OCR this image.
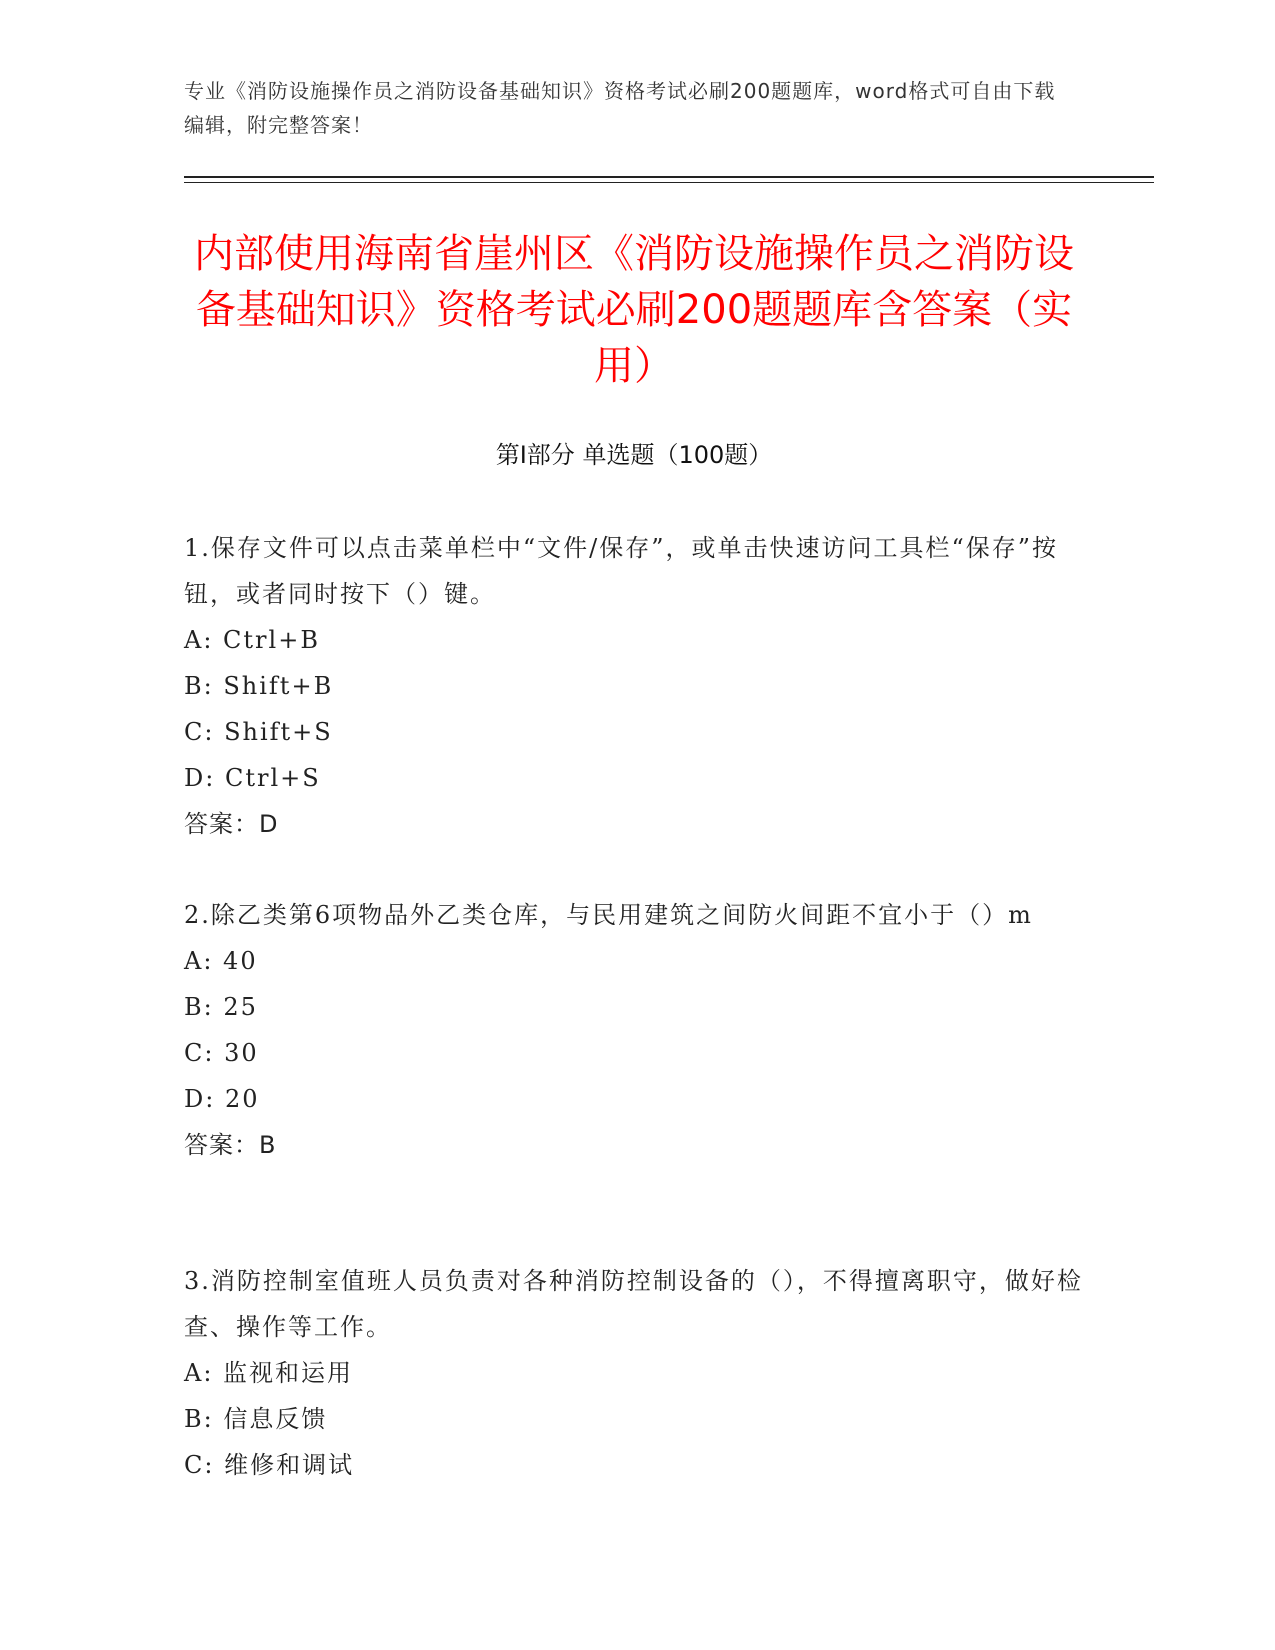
专业《消防设施操作员之消防设备基础知识》资格考试必刷200题题库，word格式可自由下载编辑，附完整答案！
内部使用海南省崖州区《消防设施操作员之消防设备基础知识》资格考试必刷200题题库含答案（实用）
第I部分 单选题（100题）

1.保存文件可以点击菜单栏中“文件/保存”，或单击快速访问工具栏“保存”按钮，或者同时按下（）键。

A: Ctrl+B

B: Shift+B

C: Shift+S

D: Ctrl+S

答案：D

2.除乙类第6项物品外乙类仓库，与民用建筑之间防火间距不宜小于（）m

A: 40

B: 25

C: 30

D: 20

答案：B

3.消防控制室值班人员负责对各种消防控制设备的（），不得擅离职守，做好检查、操作等工作。

A: 监视和运用

B: 信息反馈

C: 维修和调试
